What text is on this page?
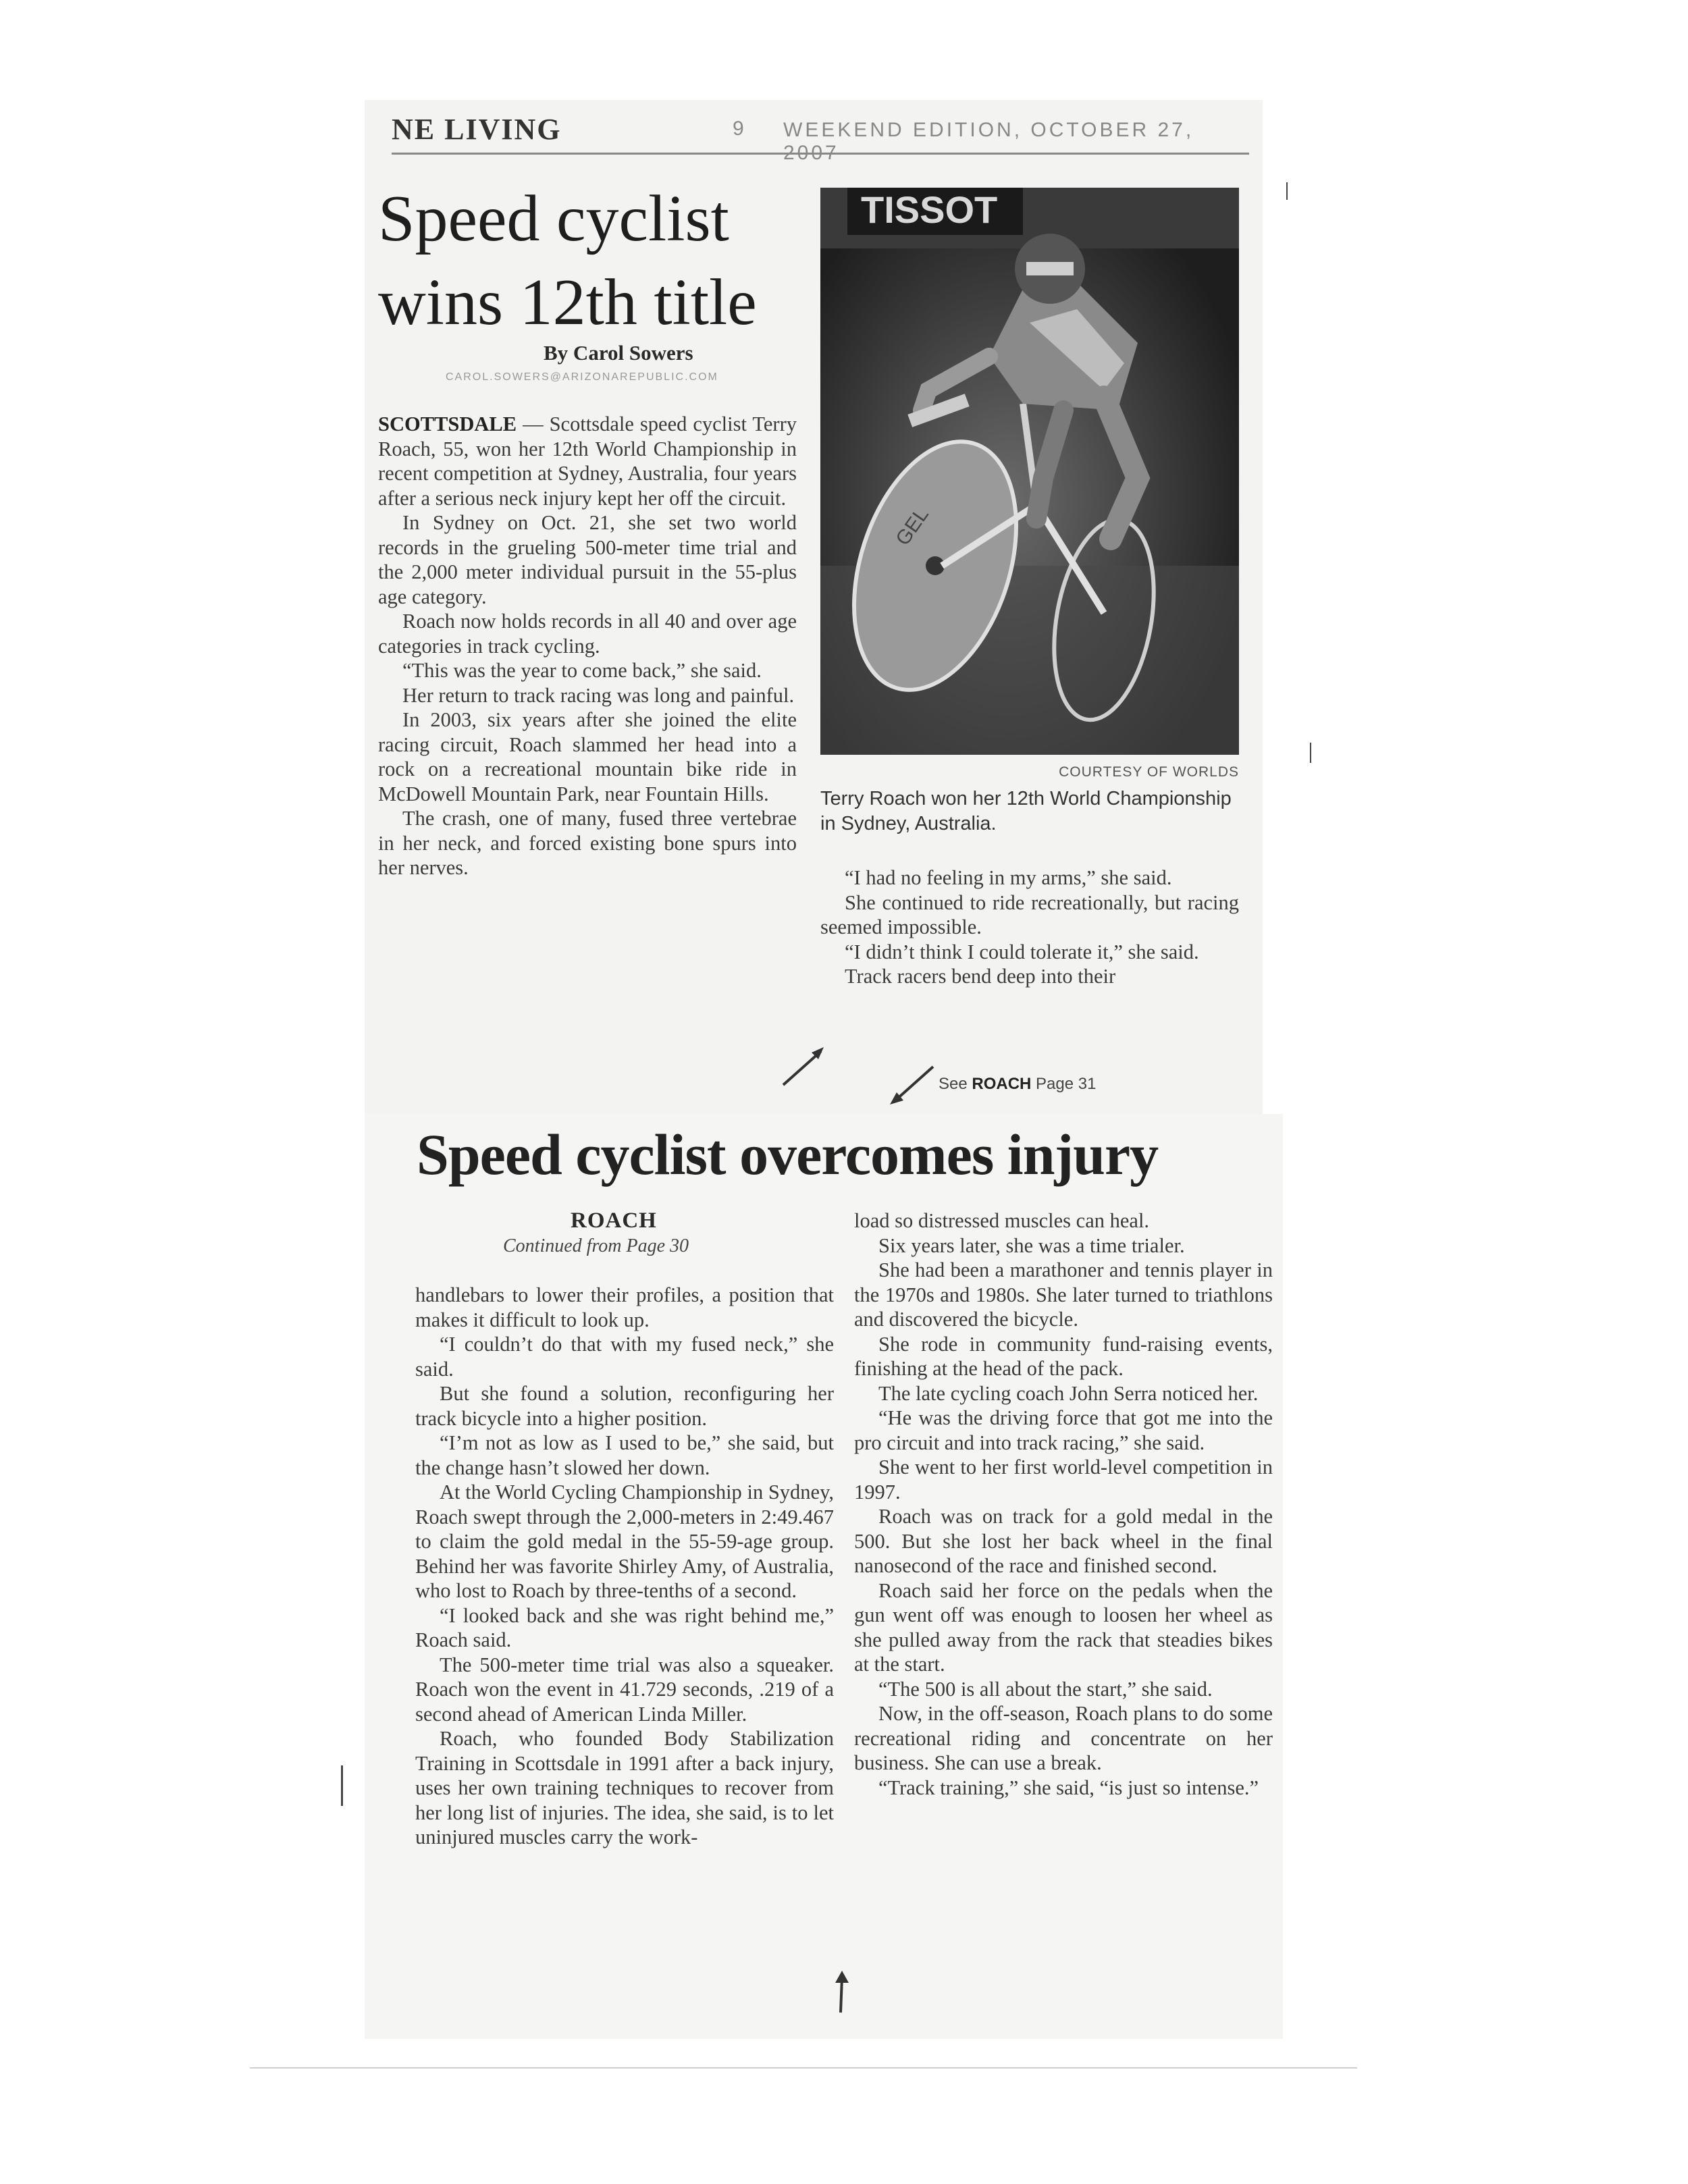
NE LIVING	9 WEEKEND EDITION, OCTOBER 27, 2007
Speed cyclist
wins 12th title
By Carol Sowers
CAROL.SOWERS@ARIZONAREPUBLIC.COM

SCOTTSDALE — Scottsdale speed cyclist Terry Roach, 55, won her 12th World Championship in recent competition at Sydney, Australia, four years after a serious neck injury kept her off the circuit.

In Sydney on Oct. 21, she set two world records in the grueling 500-meter time trial and the 2,000 meter individual pursuit in the 55-plus age category.

Roach now holds records in all 40 and over age categories in track cycling.

“This was the year to come back,” she said.

Her return to track racing was long and painful.

In 2003, six years after she joined the elite racing circuit, Roach slammed her head into a rock on a recreational mountain bike ride in McDowell Mountain Park, near Fountain Hills.

The crash, one of many, fused three vertebrae in her neck, and forced existing bone spurs into her nerves.

TISSOT
GEL
COURTESY OF WORLDS

Terry Roach won her 12th World Championship in Sydney, Australia.

“I had no feeling in my arms,” she said.

She continued to ride recreationally, but racing seemed impossible.

“I didn’t think I could tolerate it,” she said.

Track racers bend deep into their

See ROACH Page 31
Speed cyclist overcomes injury
ROACH
Continued from Page 30

handlebars to lower their profiles, a position that makes it difficult to look up.

“I couldn’t do that with my fused neck,” she said.

But she found a solution, reconfiguring her track bicycle into a higher position.

“I’m not as low as I used to be,” she said, but the change hasn’t slowed her down.

At the World Cycling Championship in Sydney, Roach swept through the 2,000-meters in 2:49.467 to claim the gold medal in the 55-59-age group. Behind her was favorite Shirley Amy, of Australia, who lost to Roach by three-tenths of a second.

“I looked back and she was right behind me,” Roach said.

The 500-meter time trial was also a squeaker. Roach won the event in 41.729 seconds, .219 of a second ahead of American Linda Miller.

Roach, who founded Body Stabilization Training in Scottsdale in 1991 after a back injury, uses her own training techniques to recover from her long list of injuries. The idea, she said, is to let uninjured muscles carry the work-

load so distressed muscles can heal.

Six years later, she was a time trialer.

She had been a marathoner and tennis player in the 1970s and 1980s. She later turned to triathlons and discovered the bicycle.

She rode in community fund-raising events, finishing at the head of the pack.

The late cycling coach John Serra noticed her.

“He was the driving force that got me into the pro circuit and into track racing,” she said.

She went to her first world-level competition in 1997.

Roach was on track for a gold medal in the 500. But she lost her back wheel in the final nanosecond of the race and finished second.

Roach said her force on the pedals when the gun went off was enough to loosen her wheel as she pulled away from the rack that steadies bikes at the start.

“The 500 is all about the start,” she said.

Now, in the off-season, Roach plans to do some recreational riding and concentrate on her business. She can use a break.

“Track training,” she said, “is just so intense.”
